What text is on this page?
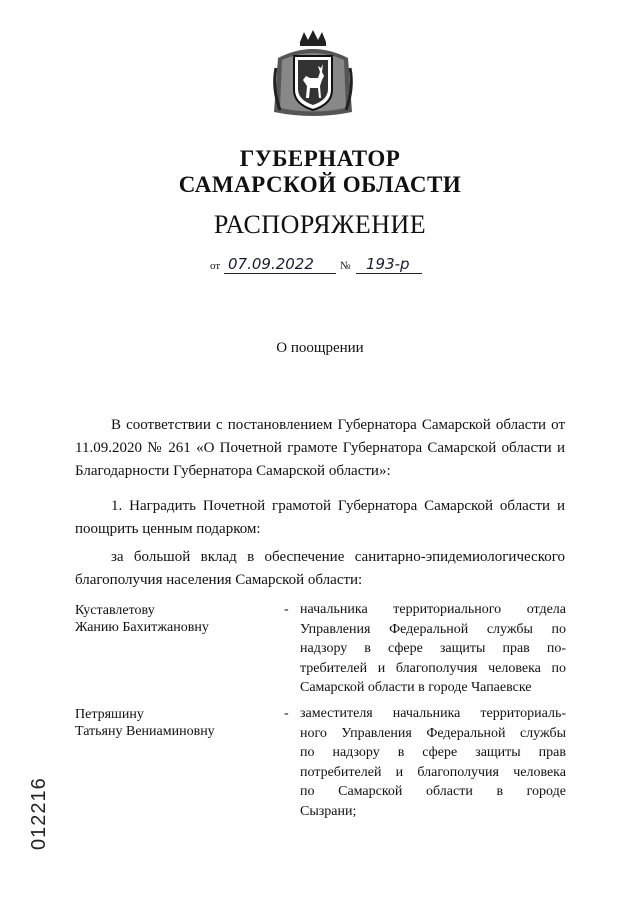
ГУБЕРНАТОР
САМАРСКОЙ ОБЛАСТИ
РАСПОРЯЖЕНИЕ
от 07.09.2022 № 193-р
О поощрении
В соответствии с постановлением Губернатора Самарской области от 11.09.2020 № 261 «О Почетной грамоте Губернатора Самарской области и Благодарности Губернатора Самарской области»:
1. Наградить Почетной грамотой Губернатора Самарской области и поощрить ценным подарком:
за большой вклад в обеспечение санитарно-эпидемиологического благополучия населения Самарской области:
Куставлетову
Жанию Бахитжановну
- начальника территориального отдела
Управления Федеральной службы по
надзору в сфере защиты прав по-
требителей и благополучия человека по
Самарской области в городе Чапаевске
Петряшину
Татьяну Вениаминовну
- заместителя начальника территориаль-
ного Управления Федеральной службы
по надзору в сфере защиты прав
потребителей и благополучия человека
по Самарской области в городе
Сызрани;
012216
